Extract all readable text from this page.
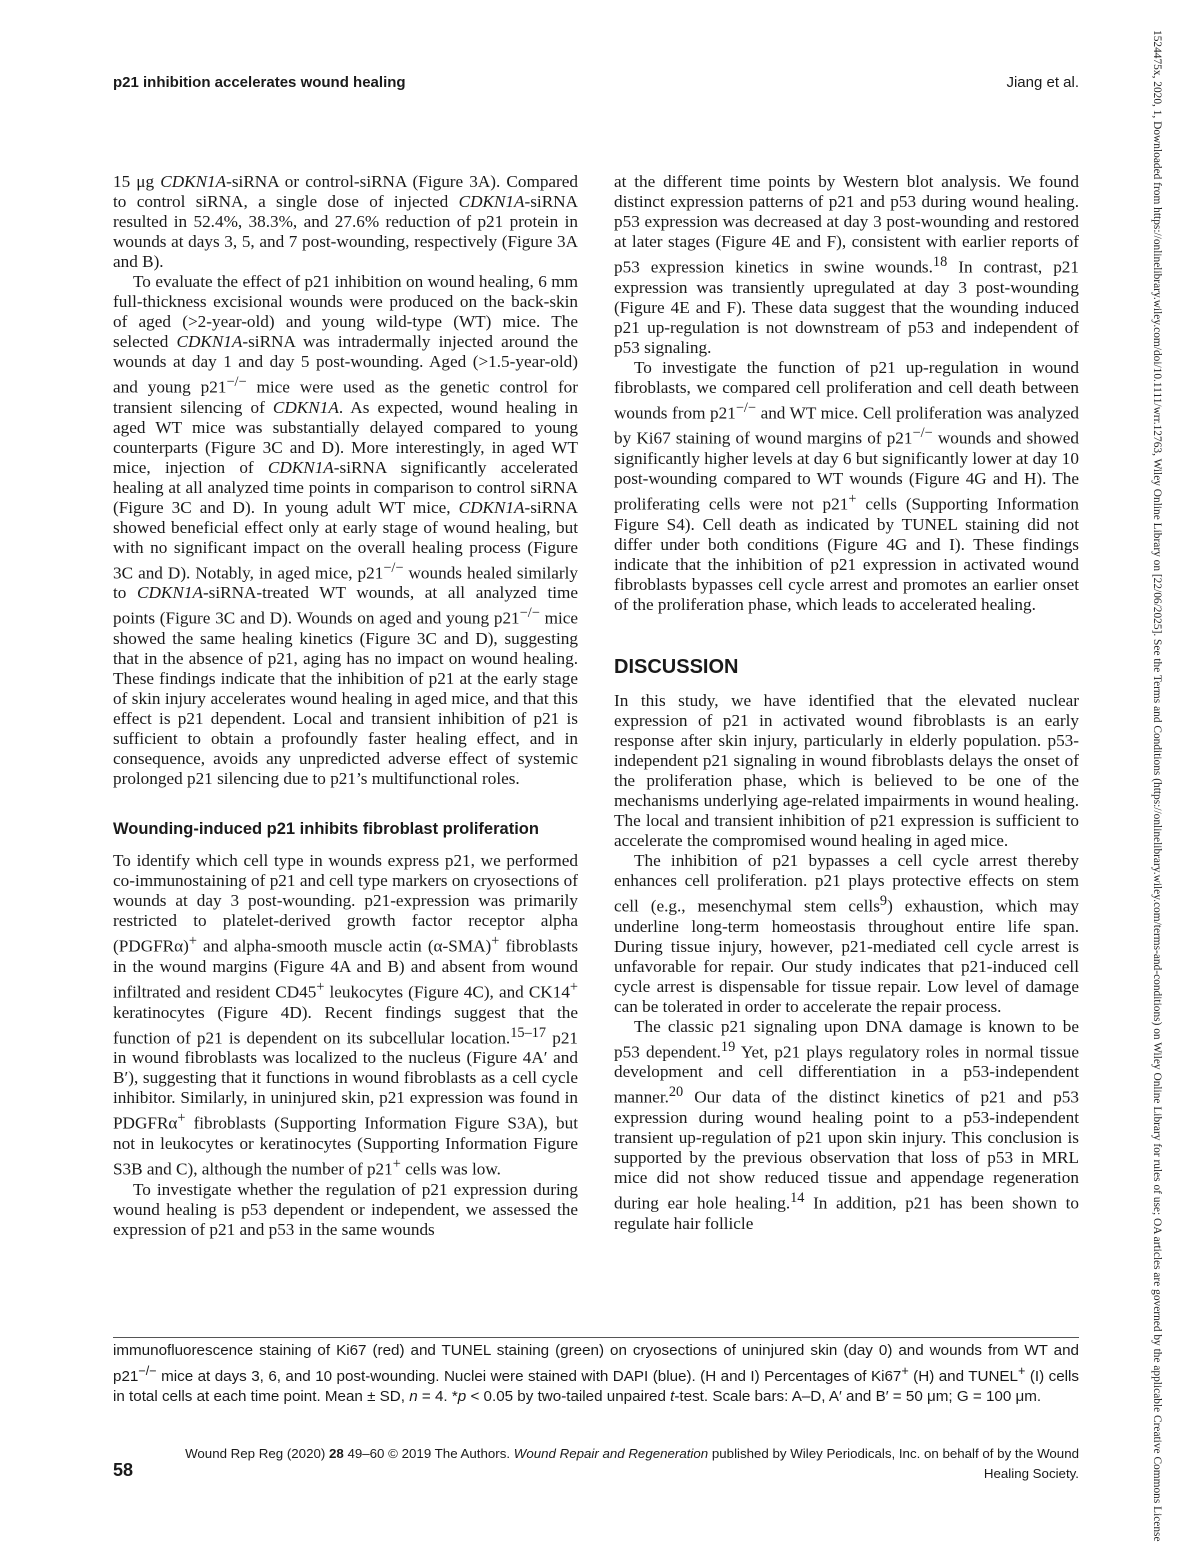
p21 inhibition accelerates wound healing	Jiang et al.

15 μg CDKN1A-siRNA or control-siRNA (Figure 3A). Compared to control siRNA, a single dose of injected CDKN1A-siRNA resulted in 52.4%, 38.3%, and 27.6% reduction of p21 protein in wounds at days 3, 5, and 7 post-wounding, respectively (Figure 3A and B).

To evaluate the effect of p21 inhibition on wound healing, 6 mm full-thickness excisional wounds were produced on the back-skin of aged (>2-year-old) and young wild-type (WT) mice. The selected CDKN1A-siRNA was intradermally injected around the wounds at day 1 and day 5 post-wounding. Aged (>1.5-year-old) and young p21−/− mice were used as the genetic control for transient silencing of CDKN1A. As expected, wound healing in aged WT mice was substantially delayed compared to young counterparts (Figure 3C and D). More interestingly, in aged WT mice, injection of CDKN1A-siRNA significantly accelerated healing at all analyzed time points in comparison to control siRNA (Figure 3C and D). In young adult WT mice, CDKN1A-siRNA showed beneficial effect only at early stage of wound healing, but with no significant impact on the overall healing process (Figure 3C and D). Notably, in aged mice, p21−/− wounds healed similarly to CDKN1A-siRNA-treated WT wounds, at all analyzed time points (Figure 3C and D). Wounds on aged and young p21−/− mice showed the same healing kinetics (Figure 3C and D), suggesting that in the absence of p21, aging has no impact on wound healing. These findings indicate that the inhibition of p21 at the early stage of skin injury accelerates wound healing in aged mice, and that this effect is p21 dependent. Local and transient inhibition of p21 is sufficient to obtain a profoundly faster healing effect, and in consequence, avoids any unpredicted adverse effect of systemic prolonged p21 silencing due to p21’s multifunctional roles.

Wounding-induced p21 inhibits fibroblast proliferation

To identify which cell type in wounds express p21, we performed co-immunostaining of p21 and cell type markers on cryosections of wounds at day 3 post-wounding. p21-expression was primarily restricted to platelet-derived growth factor receptor alpha (PDGFRα)+ and alpha-smooth muscle actin (α-SMA)+ fibroblasts in the wound margins (Figure 4A and B) and absent from wound infiltrated and resident CD45+ leukocytes (Figure 4C), and CK14+ keratinocytes (Figure 4D). Recent findings suggest that the function of p21 is dependent on its subcellular location.$^{15-17}$ p21 in wound fibroblasts was localized to the nucleus (Figure 4A′ and B′), suggesting that it functions in wound fibroblasts as a cell cycle inhibitor. Similarly, in uninjured skin, p21 expression was found in PDGFRα+ fibroblasts (Supporting Information Figure S3A), but not in leukocytes or keratinocytes (Supporting Information Figure S3B and C), although the number of p21+ cells was low.

To investigate whether the regulation of p21 expression during wound healing is p53 dependent or independent, we assessed the expression of p21 and p53 in the same wounds

at the different time points by Western blot analysis. We found distinct expression patterns of p21 and p53 during wound healing. p53 expression was decreased at day 3 post-wounding and restored at later stages (Figure 4E and F), consistent with earlier reports of p53 expression kinetics in swine wounds.$^{18}$ In contrast, p21 expression was transiently upregulated at day 3 post-wounding (Figure 4E and F). These data suggest that the wounding induced p21 up-regulation is not downstream of p53 and independent of p53 signaling.

To investigate the function of p21 up-regulation in wound fibroblasts, we compared cell proliferation and cell death between wounds from p21−/− and WT mice. Cell proliferation was analyzed by Ki67 staining of wound margins of p21−/− wounds and showed significantly higher levels at day 6 but significantly lower at day 10 post-wounding compared to WT wounds (Figure 4G and H). The proliferating cells were not p21+ cells (Supporting Information Figure S4). Cell death as indicated by TUNEL staining did not differ under both conditions (Figure 4G and I). These findings indicate that the inhibition of p21 expression in activated wound fibroblasts bypasses cell cycle arrest and promotes an earlier onset of the proliferation phase, which leads to accelerated healing.

DISCUSSION

In this study, we have identified that the elevated nuclear expression of p21 in activated wound fibroblasts is an early response after skin injury, particularly in elderly population. p53-independent p21 signaling in wound fibroblasts delays the onset of the proliferation phase, which is believed to be one of the mechanisms underlying age-related impairments in wound healing. The local and transient inhibition of p21 expression is sufficient to accelerate the compromised wound healing in aged mice.

The inhibition of p21 bypasses a cell cycle arrest thereby enhances cell proliferation. p21 plays protective effects on stem cell (e.g., mesenchymal stem cells$^9$) exhaustion, which may underline long-term homeostasis throughout entire life span. During tissue injury, however, p21-mediated cell cycle arrest is unfavorable for repair. Our study indicates that p21-induced cell cycle arrest is dispensable for tissue repair. Low level of damage can be tolerated in order to accelerate the repair process.

The classic p21 signaling upon DNA damage is known to be p53 dependent.$^{19}$ Yet, p21 plays regulatory roles in normal tissue development and cell differentiation in a p53-independent manner.$^{20}$ Our data of the distinct kinetics of p21 and p53 expression during wound healing point to a p53-independent transient up-regulation of p21 upon skin injury. This conclusion is supported by the previous observation that loss of p53 in MRL mice did not show reduced tissue and appendage regeneration during ear hole healing.$^{14}$ In addition, p21 has been shown to regulate hair follicle

immunofluorescence staining of Ki67 (red) and TUNEL staining (green) on cryosections of uninjured skin (day 0) and wounds from WT and p21−/− mice at days 3, 6, and 10 post-wounding. Nuclei were stained with DAPI (blue). (H and I) Percentages of Ki67+ (H) and TUNEL+ (I) cells in total cells at each time point. Mean ± SD, n = 4. *p < 0.05 by two-tailed unpaired t-test. Scale bars: A–D, A′ and B′ = 50 μm; G = 100 μm.

58

Wound Rep Reg (2020) 28 49–60 © 2019 The Authors. Wound Repair and Regeneration published by Wiley Periodicals, Inc. on behalf of by the Wound Healing Society.	1524475x, 2020, 1, Downloaded from https://onlinelibrary.wiley.com/doi/10.1111/wrr.12763, Wiley Online Library on [22/06/2025]. See the Terms and Conditions (https://onlinelibrary.wiley.com/terms-and-conditions) on Wiley Online Library for rules of use; OA articles are governed by the applicable Creative Commons License
